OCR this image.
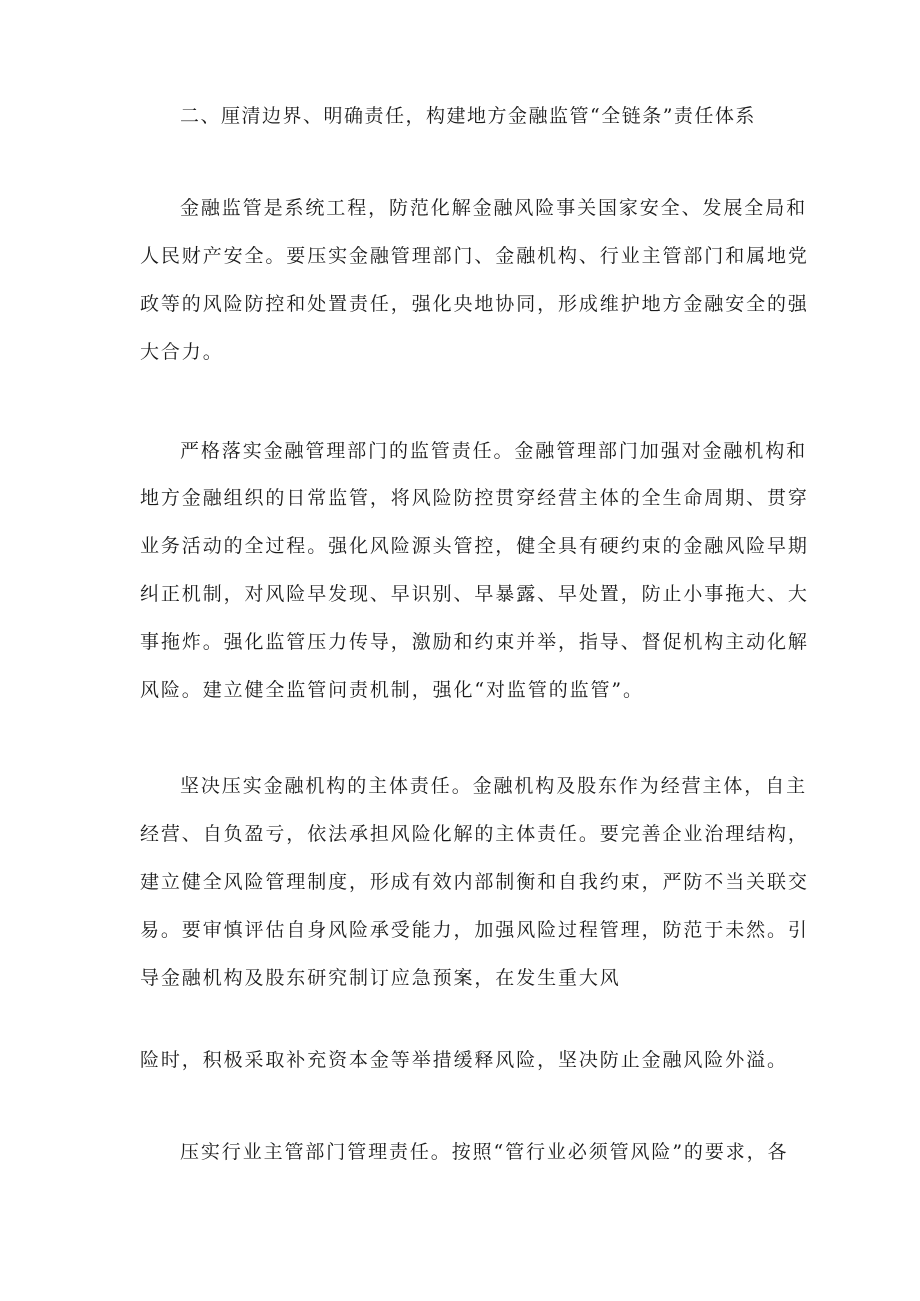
二、厘清边界、明确责任，构建地方金融监管“全链条”责任体系
金融监管是系统工程，防范化解金融风险事关国家安全、发展全局和
人民财产安全。要压实金融管理部门、金融机构、行业主管部门和属地党
政等的风险防控和处置责任，强化央地协同，形成维护地方金融安全的强
大合力。
严格落实金融管理部门的监管责任。金融管理部门加强对金融机构和
地方金融组织的日常监管，将风险防控贯穿经营主体的全生命周期、贯穿
业务活动的全过程。强化风险源头管控，健全具有硬约束的金融风险早期
纠正机制，对风险早发现、早识别、早暴露、早处置，防止小事拖大、大
事拖炸。强化监管压力传导，激励和约束并举，指导、督促机构主动化解
风险。建立健全监管问责机制，强化“对监管的监管”。
坚决压实金融机构的主体责任。金融机构及股东作为经营主体，自主
经营、自负盈亏，依法承担风险化解的主体责任。要完善企业治理结构，
建立健全风险管理制度，形成有效内部制衡和自我约束，严防不当关联交
易。要审慎评估自身风险承受能力，加强风险过程管理，防范于未然。引
导金融机构及股东研究制订应急预案，在发生重大风
险时，积极采取补充资本金等举措缓释风险，坚决防止金融风险外溢。
压实行业主管部门管理责任。按照“管行业必须管风险”的要求，各
